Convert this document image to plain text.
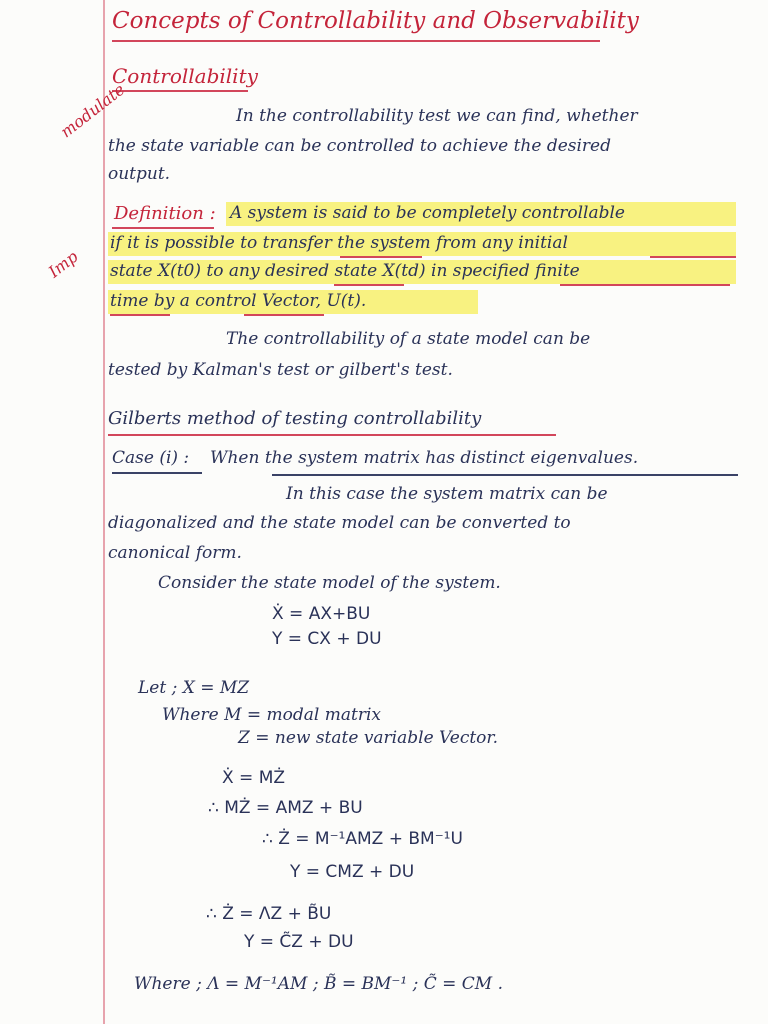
Concepts of Controllability and Observability
Controllability
modulate
Imp
In the controllability test we can find, whether
the state variable can be controlled to achieve the desired
output.
Definition : A system is said to be completely controllable
if it is possible to transfer the system from any initial
state X(t0) to any desired state X(td) in specified finite
time by a control Vector, U(t).
The controllability of a state model can be
tested by Kalman's test or gilbert's test.
Gilberts method of testing controllability
Case (i) : When the system matrix has distinct eigenvalues.
In this case the system matrix can be
diagonalized and the state model can be converted to
canonical form.
Consider the state model of the system.
Ẋ = AX+BU
Y = CX + DU
Let ; X = MZ
Where M = modal matrix
Z = new state variable Vector.
Ẋ = MŻ
∴ MŻ = AMZ + BU
∴ Ż = M⁻¹AMZ + BM⁻¹U
Y = CMZ + DU
∴ Ż = ΛZ + B̃U
Y = C̃Z + DU
Where ; Λ = M⁻¹AM ; B̃ = BM⁻¹ ; C̃ = CM .
